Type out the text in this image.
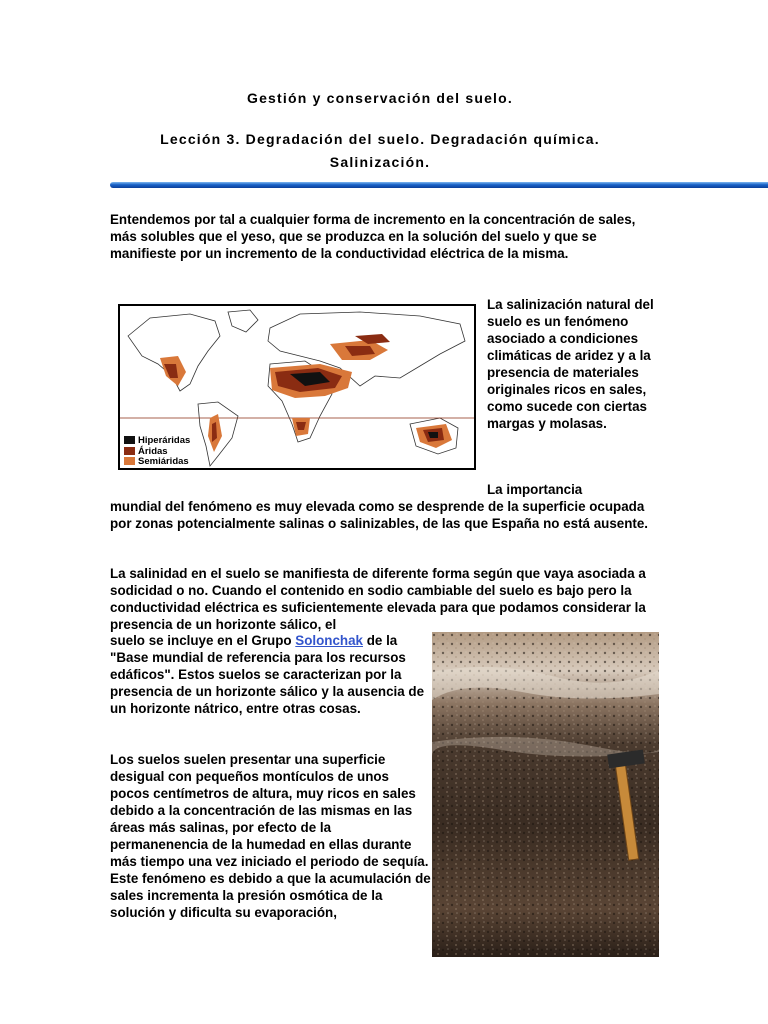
Gestión y conservación del suelo.
Lección 3. Degradación del suelo. Degradación química.
Salinización.

Entendemos por tal a cualquier forma de incremento en la concentración de sales, más solubles que el yeso, que se produzca en la solución del suelo y que se manifieste por un incremento de la conductividad eléctrica de la misma.

Hiperáridas
Áridas
Semiáridas

La salinización natural del suelo es un fenómeno asociado a condiciones climáticas de aridez y a la presencia de materiales originales ricos en sales, como sucede con ciertas margas y molasas.

La importancia

mundial del fenómeno es muy elevada como se desprende de la superficie ocupada por zonas potencialmente salinas o salinizables, de las que España no está ausente.

La salinidad en el suelo se manifiesta de diferente forma según que vaya asociada a sodicidad o no. Cuando el contenido en sodio cambiable del suelo es bajo pero la conductividad eléctrica es suficientemente elevada para que podamos considerar la presencia de un horizonte sálico, el

suelo se incluye en el Grupo Solonchak de la "Base mundial de referencia para los recursos edáficos". Estos suelos se caracterizan por la presencia de un horizonte sálico y la ausencia de un horizonte nátrico, entre otras cosas.

Los suelos suelen presentar una superficie desigual con pequeños montículos de unos pocos centímetros de altura, muy ricos en sales debido a la concentración de las mismas en las áreas más salinas, por efecto de la permanenencia de la humedad en ellas durante más tiempo una vez iniciado el periodo de sequía. Este fenómeno es debido a que la acumulación de sales incrementa la presión osmótica de la solución y dificulta su evaporación,
